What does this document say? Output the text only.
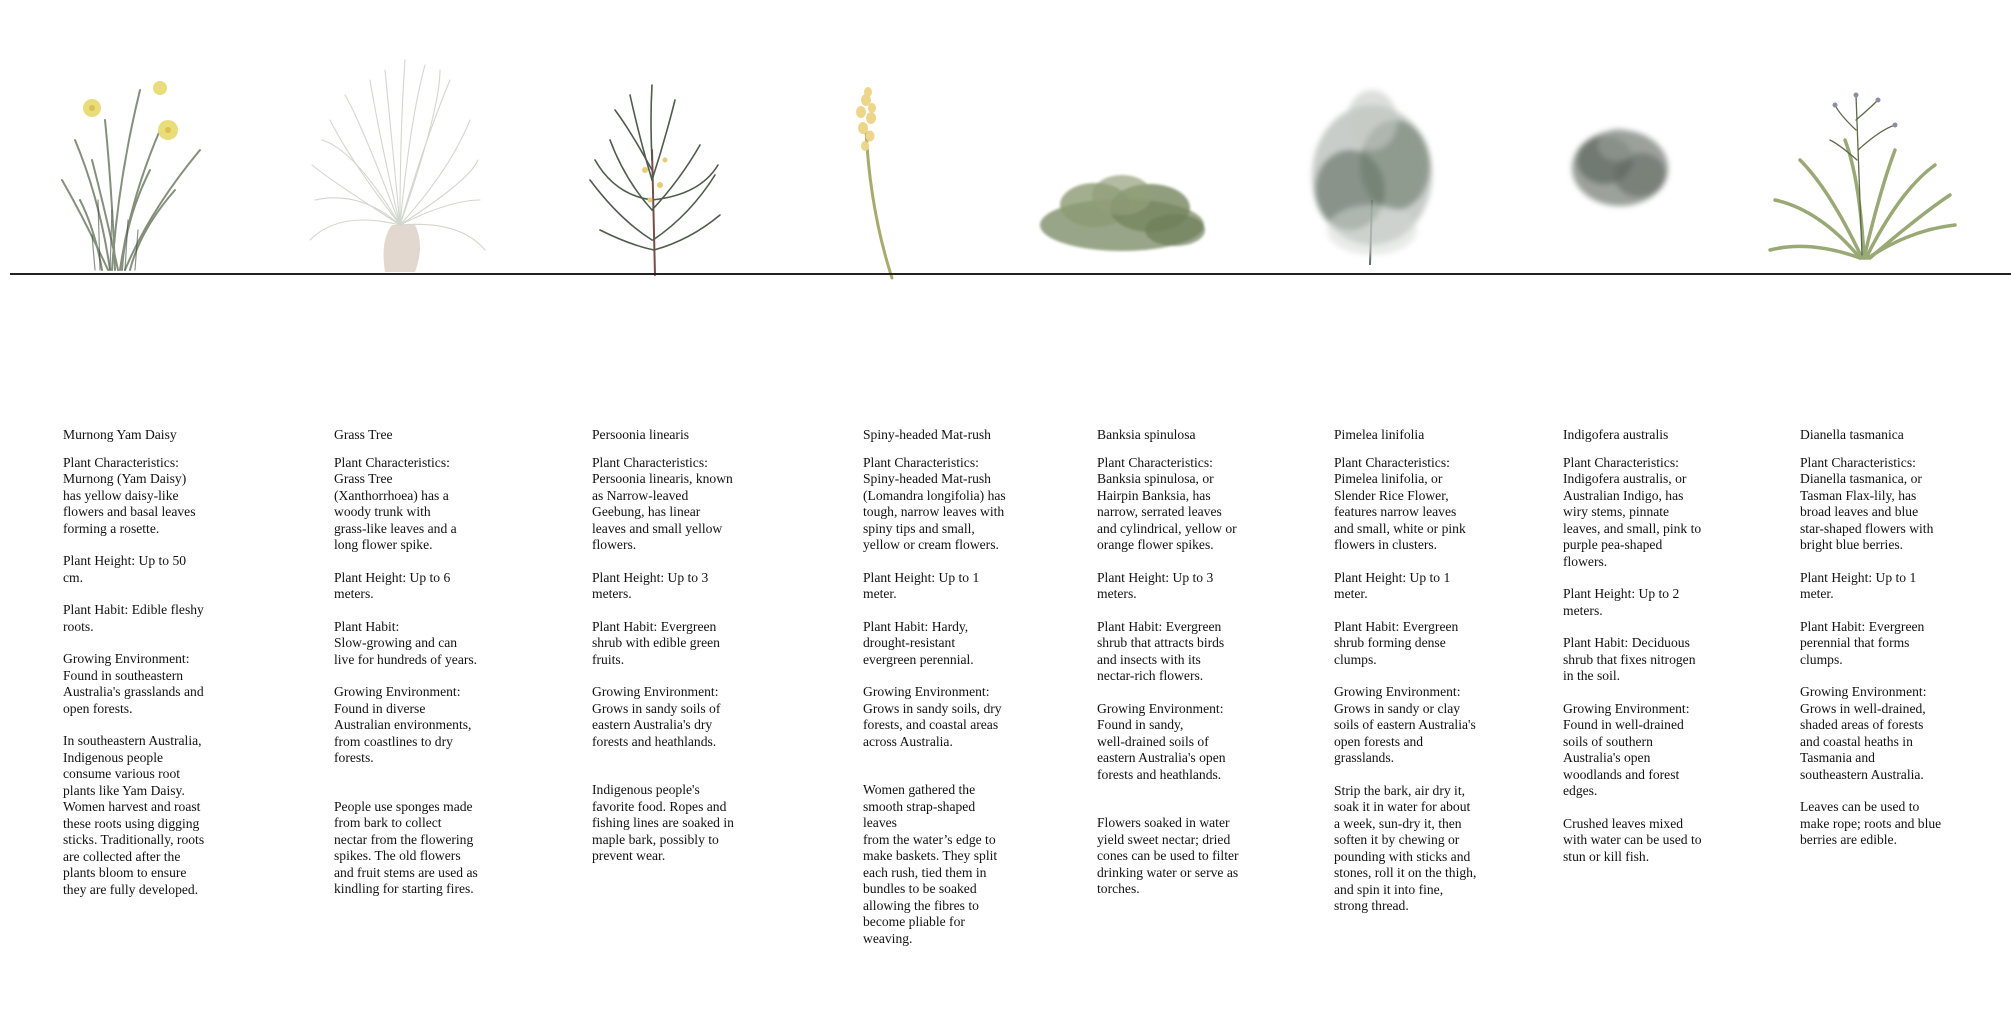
Murnong Yam Daisy

Plant Characteristics:
Murnong (Yam Daisy)
has yellow daisy-like
flowers and basal leaves
forming a rosette.

Plant Height: Up to 50
cm.

Plant Habit: Edible fleshy
roots.

Growing Environment:
Found in southeastern
Australia's grasslands and
open forests.

In southeastern Australia,
Indigenous people
consume various root
plants like Yam Daisy.
Women harvest and roast
these roots using digging
sticks. Traditionally, roots
are collected after the
plants bloom to ensure
they are fully developed.

Grass Tree

Plant Characteristics:
Grass Tree
(Xanthorrhoea) has a
woody trunk with
grass-like leaves and a
long flower spike.

Plant Height: Up to 6
meters.

Plant Habit:
Slow-growing and can
live for hundreds of years.

Growing Environment:
Found in diverse
Australian environments,
from coastlines to dry
forests.

People use sponges made
from bark to collect
nectar from the flowering
spikes. The old flowers
and fruit stems are used as
kindling for starting fires.

Persoonia linearis

Plant Characteristics:
Persoonia linearis, known
as Narrow-leaved
Geebung, has linear
leaves and small yellow
flowers.

Plant Height: Up to 3
meters.

Plant Habit: Evergreen
shrub with edible green
fruits.

Growing Environment:
Grows in sandy soils of
eastern Australia's dry
forests and heathlands.

Indigenous people's
favorite food. Ropes and
fishing lines are soaked in
maple bark, possibly to
prevent wear.

Spiny-headed Mat-rush

Plant Characteristics:
Spiny-headed Mat-rush
(Lomandra longifolia) has
tough, narrow leaves with
spiny tips and small,
yellow or cream flowers.

Plant Height: Up to 1
meter.

Plant Habit: Hardy,
drought-resistant
evergreen perennial.

Growing Environment:
Grows in sandy soils, dry
forests, and coastal areas
across Australia.

Women gathered the
smooth strap-shaped
leaves
from the water’s edge to
make baskets. They split
each rush, tied them in
bundles to be soaked
allowing the fibres to
become pliable for
weaving.

Banksia spinulosa

Plant Characteristics:
Banksia spinulosa, or
Hairpin Banksia, has
narrow, serrated leaves
and cylindrical, yellow or
orange flower spikes.

Plant Height: Up to 3
meters.

Plant Habit: Evergreen
shrub that attracts birds
and insects with its
nectar-rich flowers.

Growing Environment:
Found in sandy,
well-drained soils of
eastern Australia's open
forests and heathlands.

Flowers soaked in water
yield sweet nectar; dried
cones can be used to filter
drinking water or serve as
torches.

Pimelea linifolia

Plant Characteristics:
Pimelea linifolia, or
Slender Rice Flower,
features narrow leaves
and small, white or pink
flowers in clusters.

Plant Height: Up to 1
meter.

Plant Habit: Evergreen
shrub forming dense
clumps.

Growing Environment:
Grows in sandy or clay
soils of eastern Australia's
open forests and
grasslands.

Strip the bark, air dry it,
soak it in water for about
a week, sun-dry it, then
soften it by chewing or
pounding with sticks and
stones, roll it on the thigh,
and spin it into fine,
strong thread.

Indigofera australis

Plant Characteristics:
Indigofera australis, or
Australian Indigo, has
wiry stems, pinnate
leaves, and small, pink to
purple pea-shaped
flowers.

Plant Height: Up to 2
meters.

Plant Habit: Deciduous
shrub that fixes nitrogen
in the soil.

Growing Environment:
Found in well-drained
soils of southern
Australia's open
woodlands and forest
edges.

Crushed leaves mixed
with water can be used to
stun or kill fish.

Dianella tasmanica

Plant Characteristics:
Dianella tasmanica, or
Tasman Flax-lily, has
broad leaves and blue
star-shaped flowers with
bright blue berries.

Plant Height: Up to 1
meter.

Plant Habit: Evergreen
perennial that forms
clumps.

Growing Environment:
Grows in well-drained,
shaded areas of forests
and coastal heaths in
Tasmania and
southeastern Australia.

Leaves can be used to
make rope; roots and blue
berries are edible.
